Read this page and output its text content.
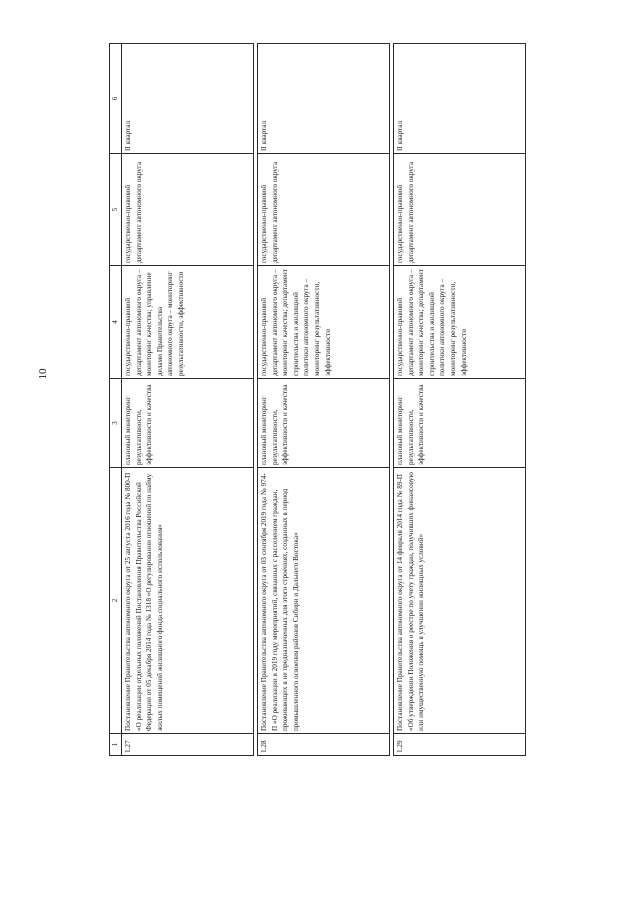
10
1	2	3	4	5	6
1.27	Постановление Правительства автономного округа от 25 августа 2016 года № 800-П «О реализации отдельных положений Постановления Правительства Российской Федерации от 05 декабря 2014 года № 1318 «О регулировании отношений по найму жилых помещений жилищного фонда социального использования»	плановый мониторинг результативности, эффективности и качества	государственно-правовой департамент автономного округа – мониторинг качества; управление делами Правительства автономного округа – мониторинг результативности, эффективности	государственно-правовой департамент автономного округа	II квартал

1.28	Постановление Правительства автономного округа от 03 сентября 2019 года № 974-П «О реализации в 2019 году мероприятий, связанных с расселением граждан, проживающих в не предназначенных для этого строениях, созданных в период промышленного освоения районов Сибири и Дальнего Востока»	плановый мониторинг результативности, эффективности и качества	государственно-правовой департамент автономного округа – мониторинг качества; департамент строительства и жилищной политики автономного округа – мониторинг результативности, эффективности	государственно-правовой департамент автономного округа	II квартал

1.29	Постановление Правительства автономного округа от 14 февраля 2014 года № 89-П «Об утверждении Положения о реестре по учету граждан, получивших финансовую или имущественную помощь в улучшении жилищных условий»	плановый мониторинг результативности, эффективности и качества	государственно-правовой департамент автономного округа – мониторинг качества; департамент строительства и жилищной политики автономного округа – мониторинг результативности, эффективности	государственно-правовой департамент автономного округа	II квартал
